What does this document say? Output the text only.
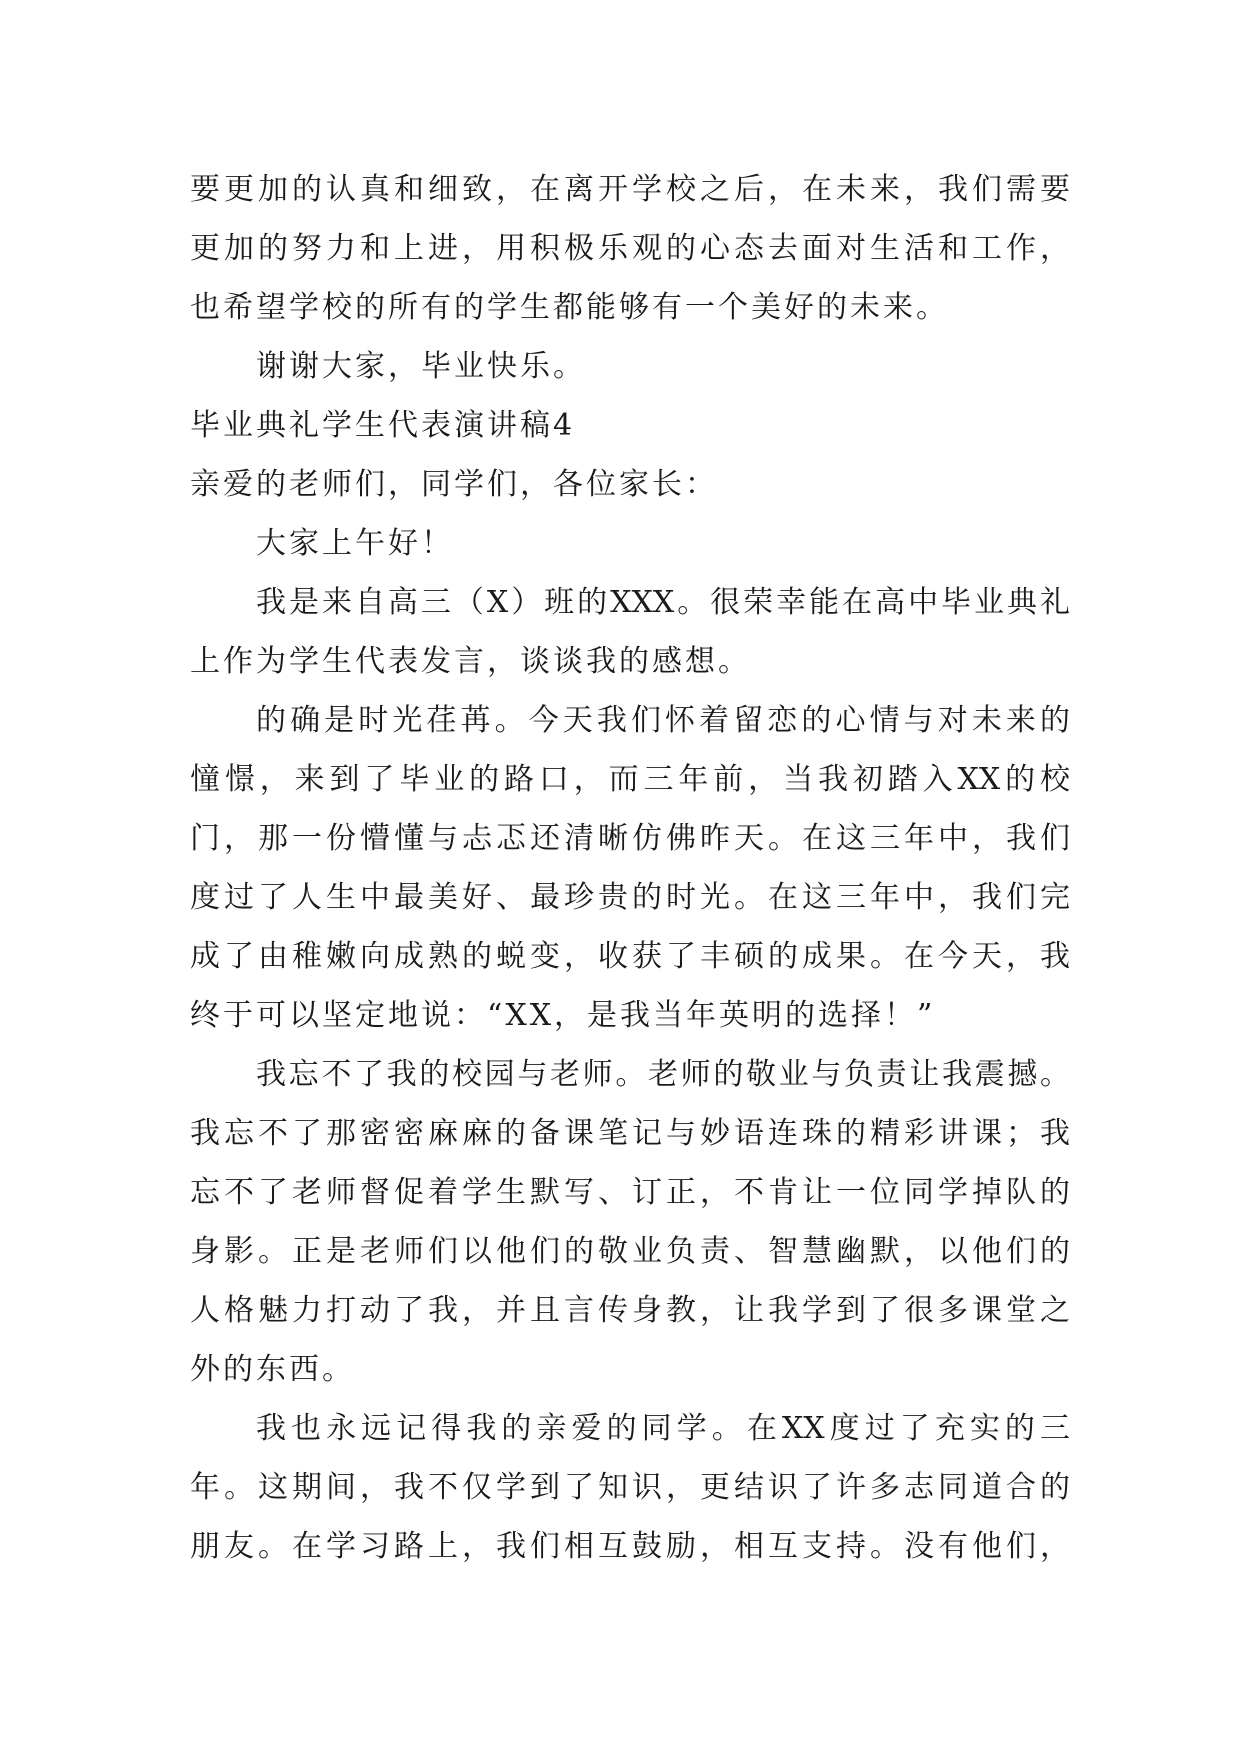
要更加的认真和细致，在离开学校之后，在未来，我们需要
更加的努力和上进，用积极乐观的心态去面对生活和工作，
也希望学校的所有的学生都能够有一个美好的未来。
谢谢大家，毕业快乐。
毕业典礼学生代表演讲稿4
亲爱的老师们，同学们，各位家长：
大家上午好！
我是来自高三（X）班的XXX。很荣幸能在高中毕业典礼
上作为学生代表发言，谈谈我的感想。
的确是时光荏苒。今天我们怀着留恋的心情与对未来的
憧憬，来到了毕业的路口，而三年前，当我初踏入XX的校
门，那一份懵懂与忐忑还清晰仿佛昨天。在这三年中，我们
度过了人生中最美好、最珍贵的时光。在这三年中，我们完
成了由稚嫩向成熟的蜕变，收获了丰硕的成果。在今天，我
终于可以坚定地说：“XX，是我当年英明的选择！”
我忘不了我的校园与老师。老师的敬业与负责让我震撼。
我忘不了那密密麻麻的备课笔记与妙语连珠的精彩讲课；我
忘不了老师督促着学生默写、订正，不肯让一位同学掉队的
身影。正是老师们以他们的敬业负责、智慧幽默，以他们的
人格魅力打动了我，并且言传身教，让我学到了很多课堂之
外的东西。
我也永远记得我的亲爱的同学。在XX度过了充实的三
年。这期间，我不仅学到了知识，更结识了许多志同道合的
朋友。在学习路上，我们相互鼓励，相互支持。没有他们，
